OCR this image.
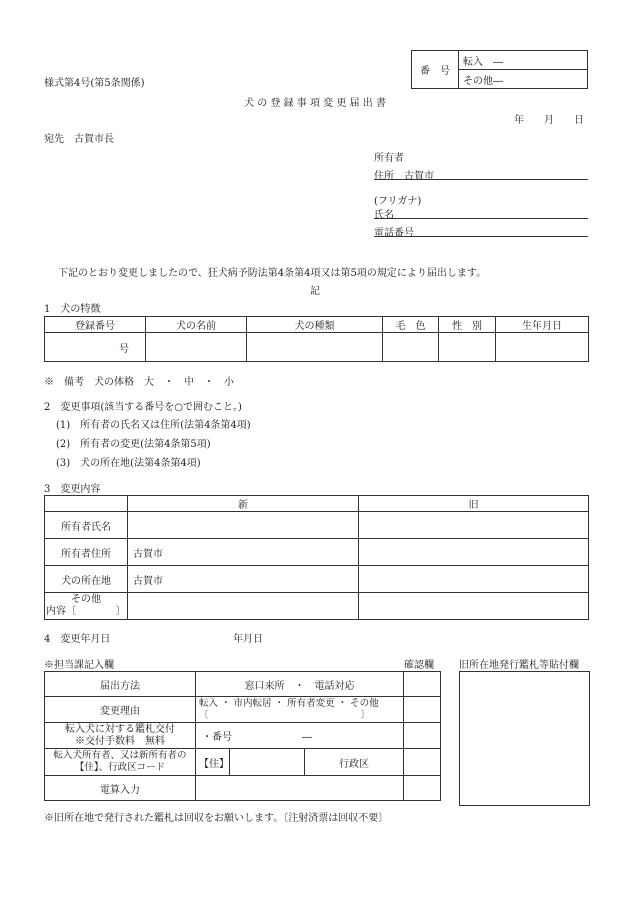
様式第4号(第5条関係)
番　号	転入　―
その他―
犬 の 登 録 事 項 変 更 届 出 書
年　　月　　日
宛先　古賀市長
所有者
住所　古賀市
(フリガナ)
氏名
電話番号
下記のとおり変更しましたので、狂犬病予防法第4条第4項又は第5項の規定により届出します。
記
1　犬の特徴
登録番号	犬の名前	犬の種類	毛　色	性　別	生年月日
号					
※　備考　犬の体格　大　・　中　・　小
2　変更事項(該当する番号を○で囲むこと。)
(1)　所有者の氏名又は住所(法第4条第4項)
(2)　所有者の変更(法第4条第5項)
(3)　犬の所在地(法第4条第4項)
3　変更内容
	新	旧
所有者氏名		
所有者住所	古賀市	
犬の所在地	古賀市	

その他
内容〔　　　　〕		

4　変更年月日	年月日
※担当課記入欄	確認欄	旧所在地発行鑑札等貼付欄
届出方法	窓口来所　・　電話対応			
変更理由	転入 ・ 市内転居 ・ 所有者変更 ・ その他
〔　　　　　　　　　　　　　　　　〕			

転入犬に対する鑑札交付
※交付手数料　無料	・番号　　　　　　　―			

転入犬所有者、又は新所有者の
【住】、行政区コード	【住】		行政区	
電算入力				
※旧所在地で発行された鑑札は回収をお願いします。〔注射済票は回収不要〕
